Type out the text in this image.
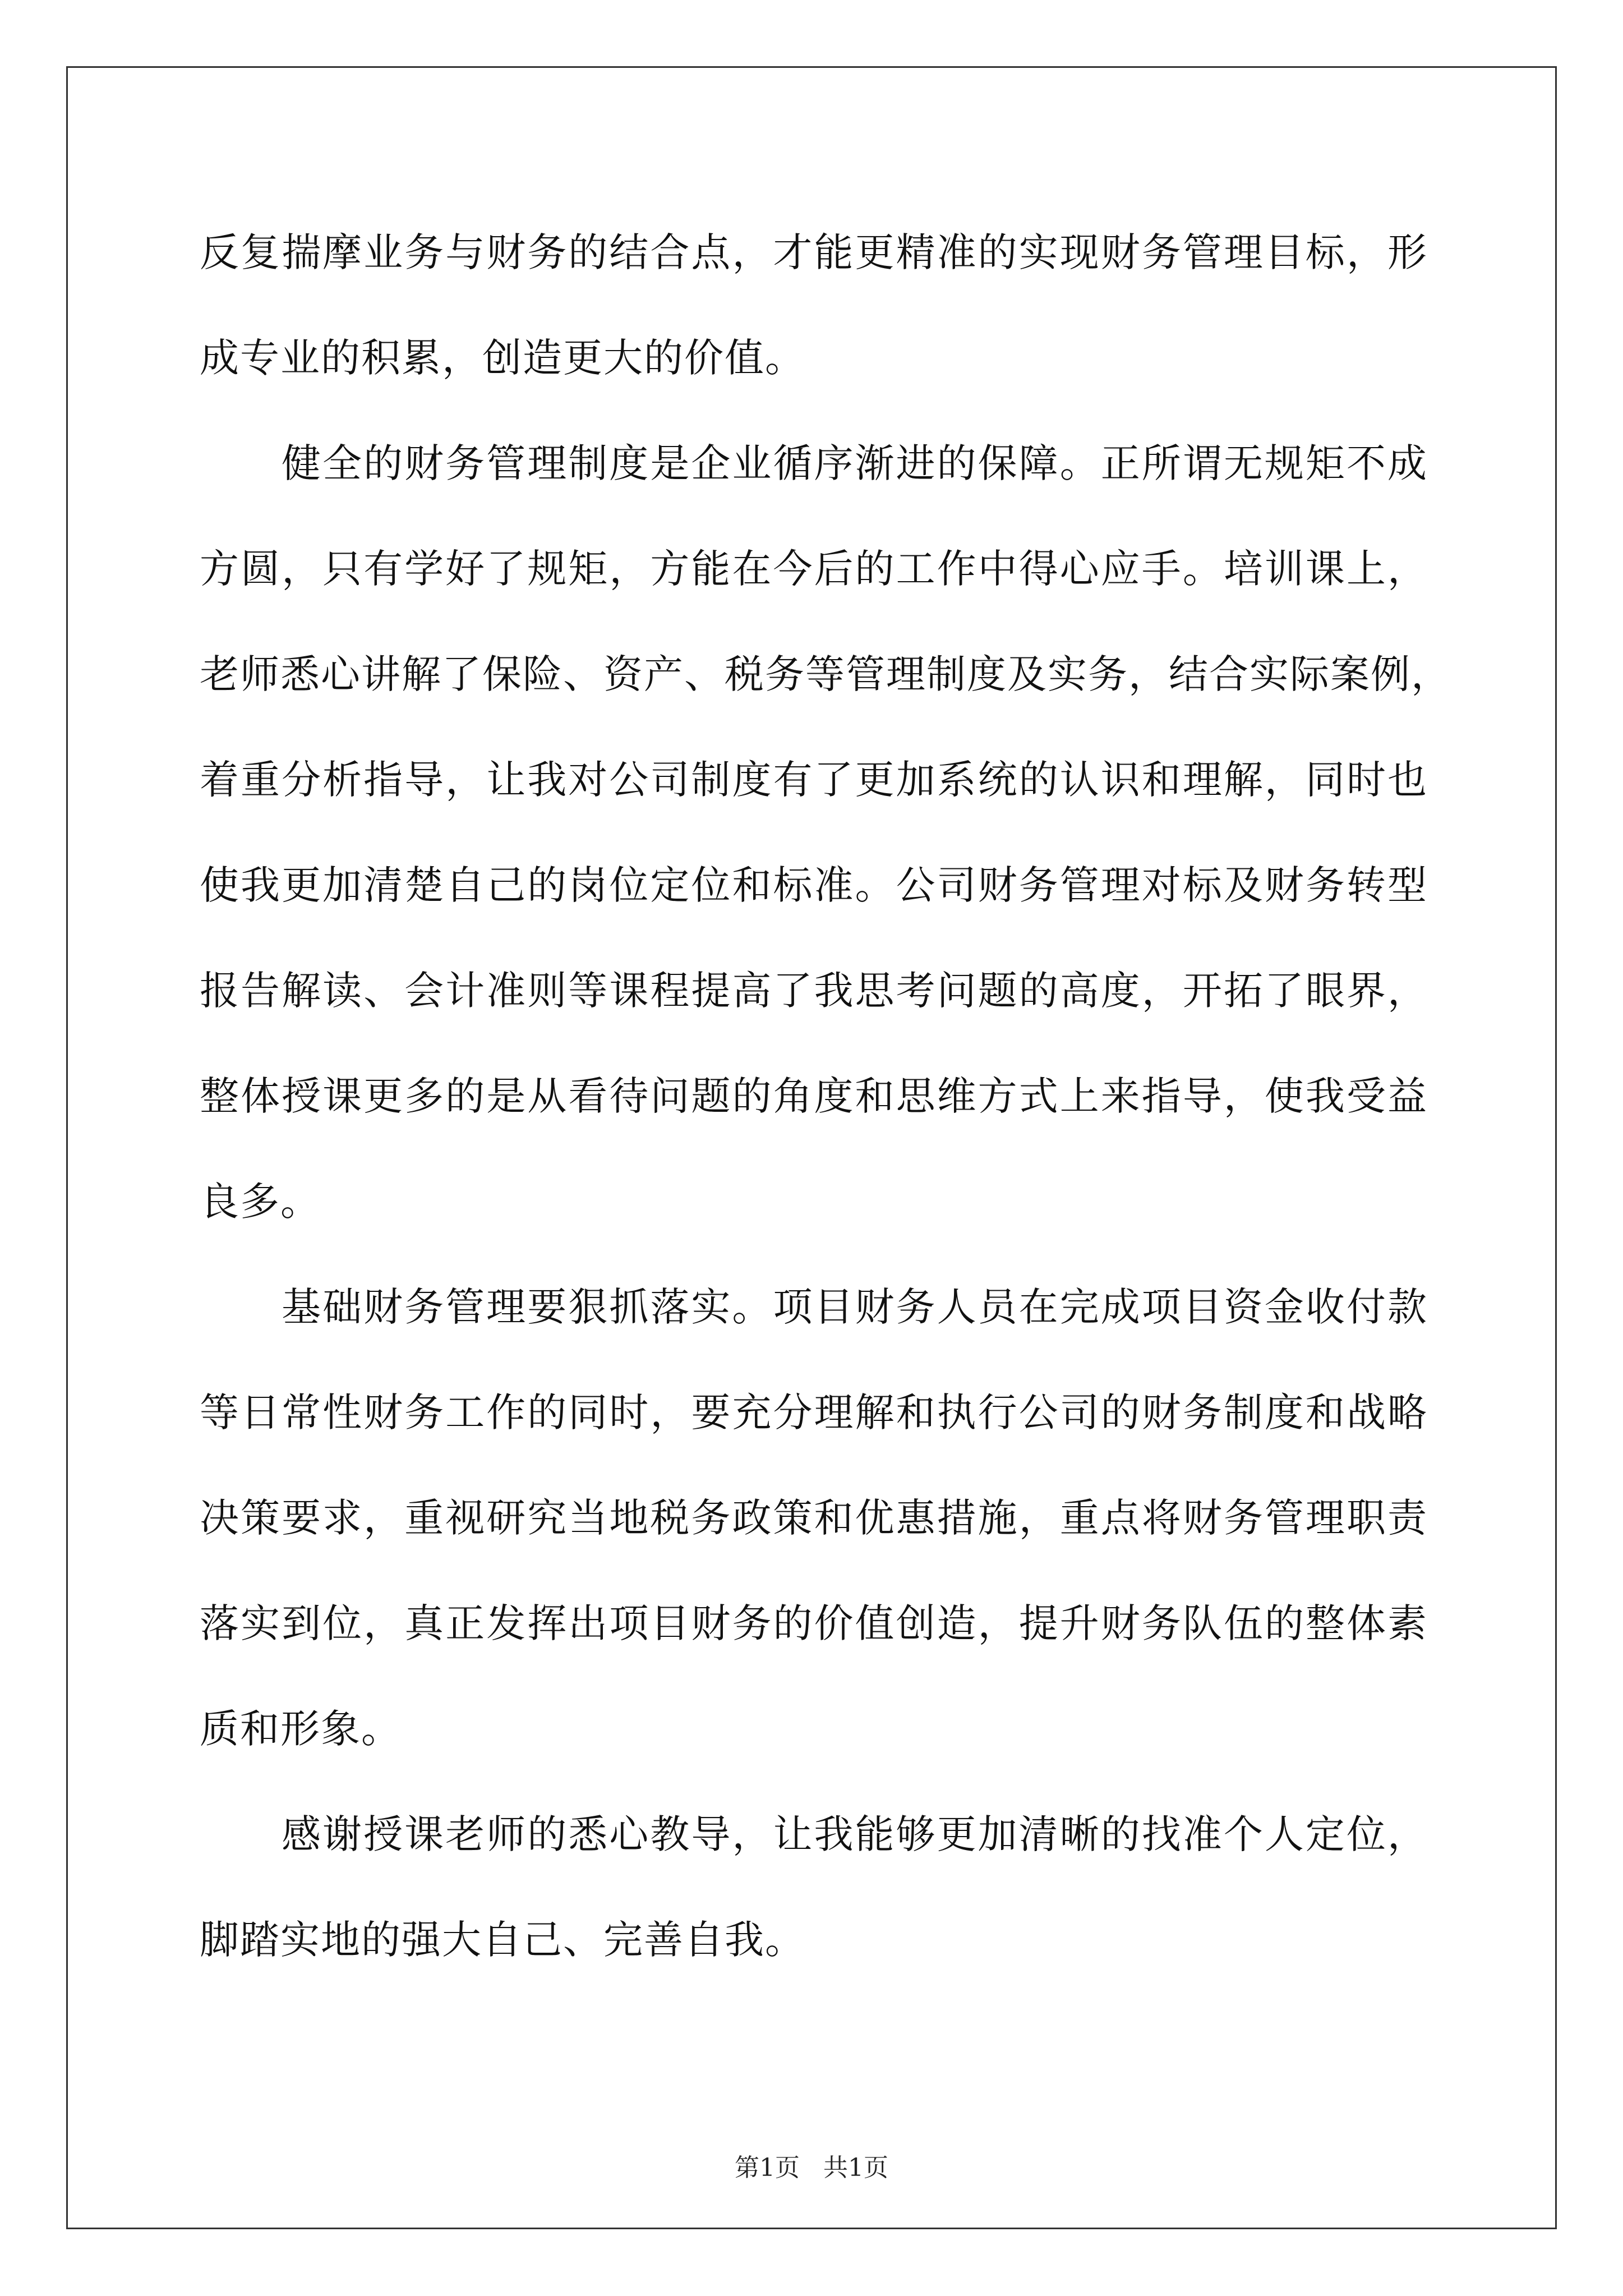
反复揣摩业务与财务的结合点，才能更精准的实现财务管理目标，形
成专业的积累，创造更大的价值。
健全的财务管理制度是企业循序渐进的保障。正所谓无规矩不成
方圆，只有学好了规矩，方能在今后的工作中得心应手。培训课上，
老师悉心讲解了保险、资产、税务等管理制度及实务，结合实际案例，
着重分析指导，让我对公司制度有了更加系统的认识和理解，同时也
使我更加清楚自己的岗位定位和标准。公司财务管理对标及财务转型
报告解读、会计准则等课程提高了我思考问题的高度，开拓了眼界，
整体授课更多的是从看待问题的角度和思维方式上来指导，使我受益
良多。
基础财务管理要狠抓落实。项目财务人员在完成项目资金收付款
等日常性财务工作的同时，要充分理解和执行公司的财务制度和战略
决策要求，重视研究当地税务政策和优惠措施，重点将财务管理职责
落实到位，真正发挥出项目财务的价值创造，提升财务队伍的整体素
质和形象。
感谢授课老师的悉心教导，让我能够更加清晰的找准个人定位，
脚踏实地的强大自己、完善自我。
第1页   共1页
